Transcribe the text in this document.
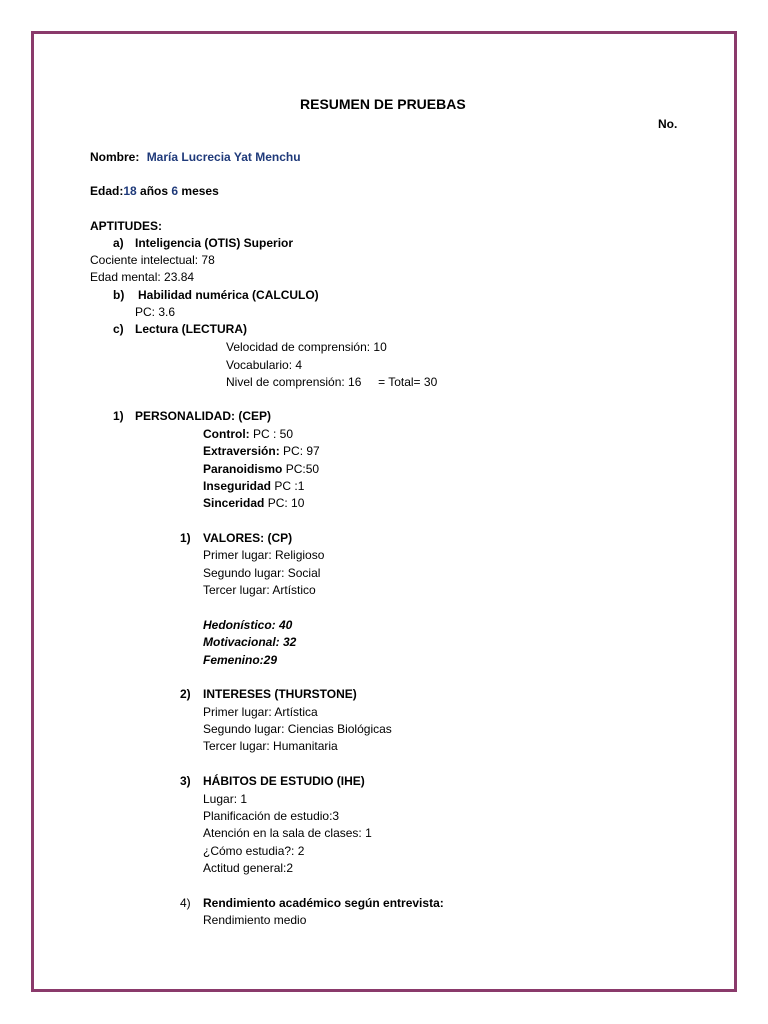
RESUMEN DE PRUEBAS
No.
Nombre: María Lucrecia Yat Menchu
Edad:18 años 6 meses
APTITUDES:
a) Inteligencia (OTIS) Superior
Cociente intelectual: 78
Edad mental: 23.84
b) Habilidad numérica (CALCULO)
PC: 3.6
c) Lectura (LECTURA)
Velocidad de comprensión: 10
Vocabulario: 4
Nivel de comprensión: 16     = Total= 30
1) PERSONALIDAD: (CEP)
Control: PC : 50
Extraversión: PC: 97
Paranoidismo PC:50
Inseguridad PC :1
Sinceridad PC: 10
1) VALORES: (CP)
Primer lugar: Religioso
Segundo lugar: Social
Tercer lugar: Artístico
Hedonístico: 40
Motivacional: 32
Femenino:29
2) INTERESES (THURSTONE)
Primer lugar: Artística
Segundo lugar: Ciencias Biológicas
Tercer lugar: Humanitaria
3) HÁBITOS DE ESTUDIO (IHE)
Lugar: 1
Planificación de estudio:3
Atención en la sala de clases: 1
¿Cómo estudia?: 2
Actitud general:2
4) Rendimiento académico según entrevista:
Rendimiento medio
